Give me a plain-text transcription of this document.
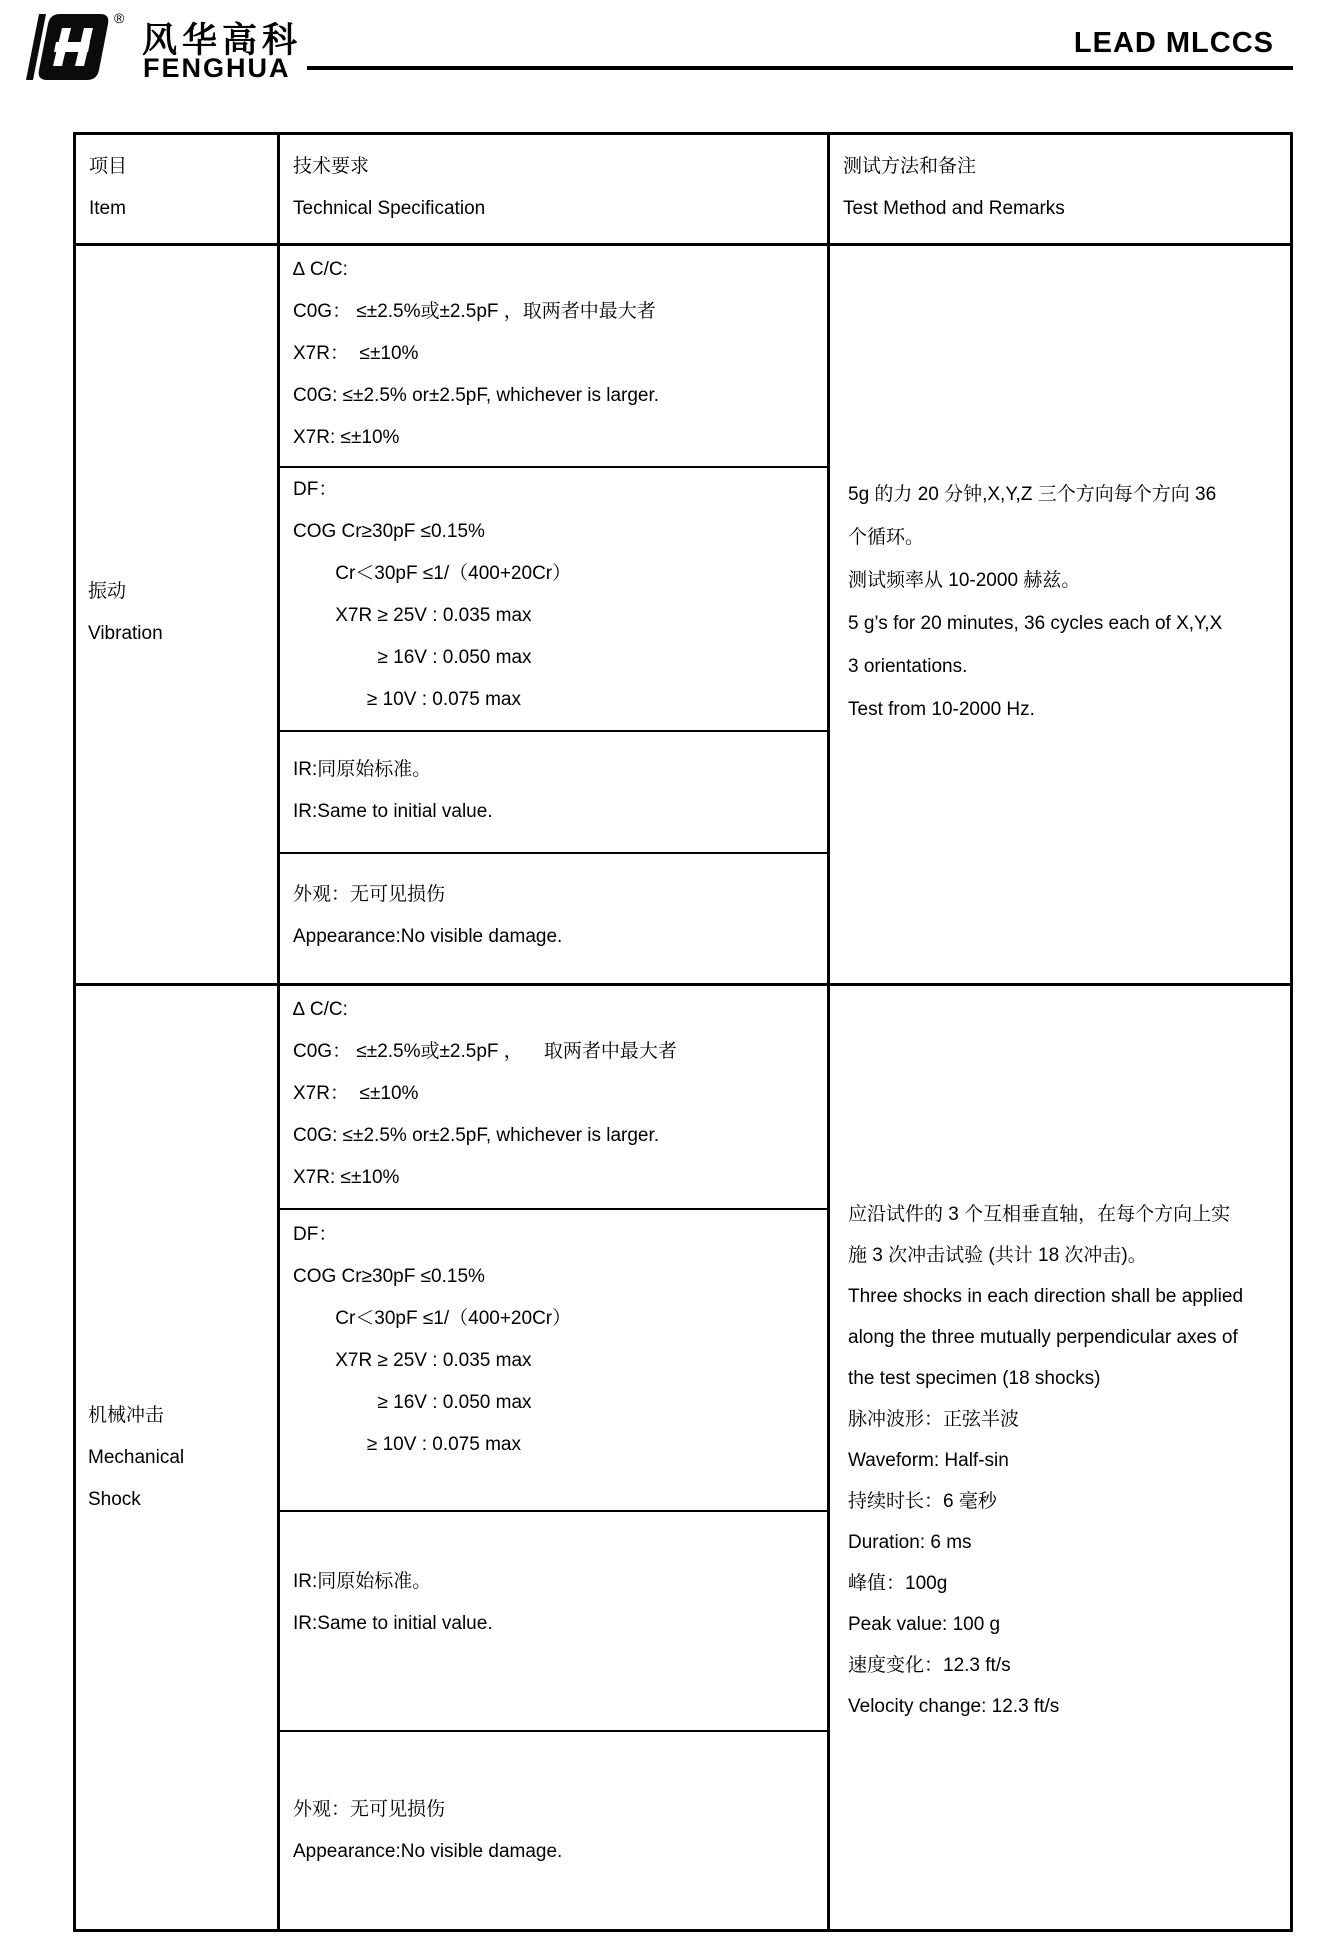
®
风华高科
FENGHUA
LEAD MLCCS
项目
Item
技术要求
Technical Specification
测试方法和备注
Test Method and Remarks
振动
Vibration
∆ C/C:
C0G： ≤±2.5%或±2.5pF ，取两者中最大者
X7R：  ≤±10%
C0G: ≤±2.5% or±2.5pF, whichever is larger.
X7R: ≤±10%
DF：
COG Cr≥30pF ≤0.15%
Cr＜30pF ≤1/（400+20Cr）
X7R ≥ 25V : 0.035 max
≥ 16V : 0.050 max
≥ 10V : 0.075 max
IR:同原始标准。
IR:Same to initial value.
外观：无可见损伤
Appearance:No visible damage.
5g 的力 20 分钟,X,Y,Z 三个方向每个方向 36
个循环。
测试频率从 10-2000 赫兹。
5 g’s for 20 minutes, 36 cycles each of X,Y,X
3 orientations.
Test from 10-2000 Hz.
机械冲击
Mechanical
Shock
∆ C/C:
C0G： ≤±2.5%或±2.5pF ，    取两者中最大者
X7R：  ≤±10%
C0G: ≤±2.5% or±2.5pF, whichever is larger.
X7R: ≤±10%
DF：
COG Cr≥30pF ≤0.15%
Cr＜30pF ≤1/（400+20Cr）
X7R ≥ 25V : 0.035 max
≥ 16V : 0.050 max
≥ 10V : 0.075 max
IR:同原始标准。
IR:Same to initial value.
外观：无可见损伤
Appearance:No visible damage.
应沿试件的 3 个互相垂直轴，在每个方向上实
施 3 次冲击试验 (共计 18 次冲击)。
Three shocks in each direction shall be applied
along the three mutually perpendicular axes of
the test specimen (18 shocks)
脉冲波形：正弦半波
Waveform: Half-sin
持续时长：6 毫秒
Duration: 6 ms
峰值：100g
Peak value: 100 g
速度变化：12.3 ft/s
Velocity change: 12.3 ft/s
